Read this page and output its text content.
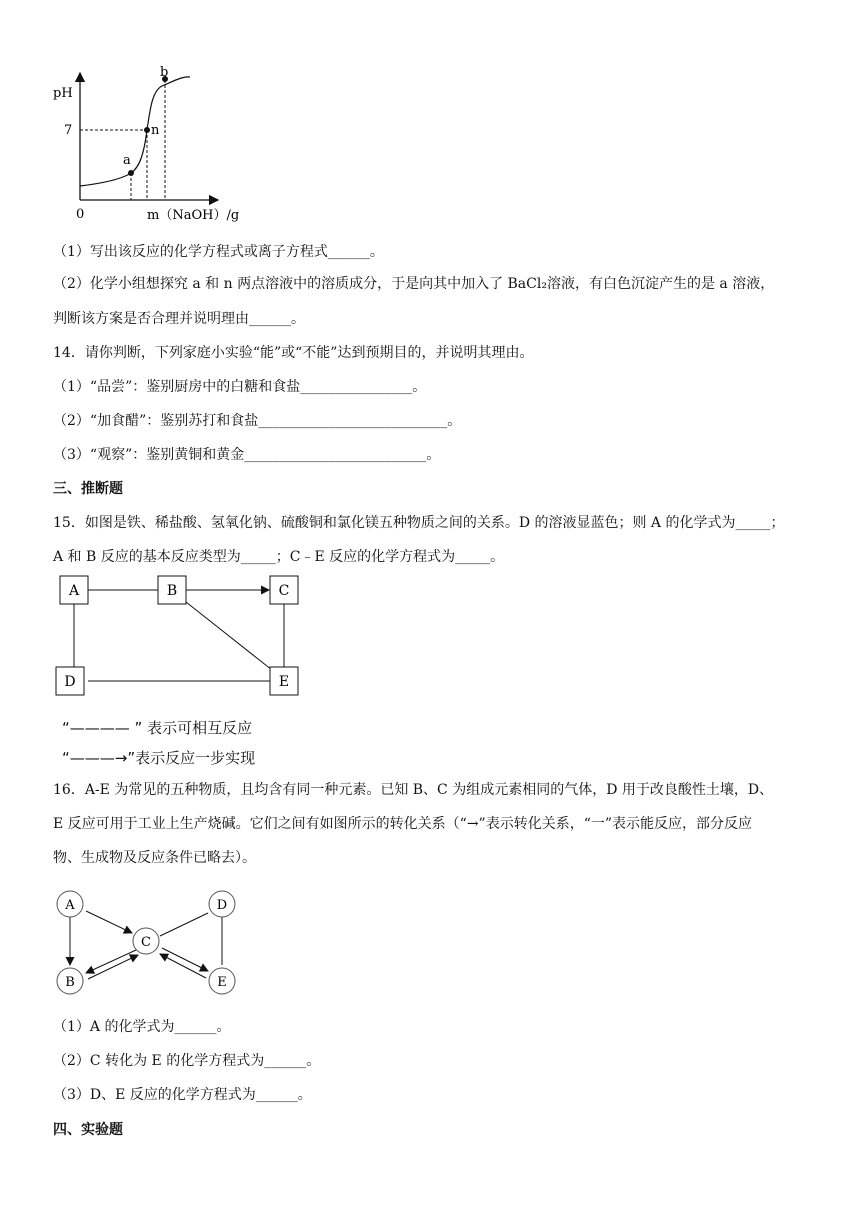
pH
7
0	m（NaOH）/g
a
n
b
（1）写出该反应的化学方程式或离子方程式______。
（2）化学小组想探究 a 和 n 两点溶液中的溶质成分，于是向其中加入了 BaCl₂溶液，有白色沉淀产生的是 a 溶液，
判断该方案是否合理并说明理由______。
14．请你判断，下列家庭小实验“能”或“不能”达到预期目的，并说明其理由。
（1）“品尝”：鉴别厨房中的白糖和食盐________________。
（2）“加食醋”：鉴别苏打和食盐___________________________。
（3）“观察”：鉴别黄铜和黄金__________________________。
三、推断题
15．如图是铁、稀盐酸、氢氧化钠、硫酸铜和氯化镁五种物质之间的关系。D 的溶液显蓝色；则 A 的化学式为_____；
A 和 B 反应的基本反应类型为_____；C﹣E 反应的化学方程式为_____。
A	B	C
D	E
“———— ” 表示可相互反应
“———→”表示反应一步实现
16．A-E 为常见的五种物质，且均含有同一种元素。已知 B、C 为组成元素相同的气体，D 用于改良酸性土壤，D、
E 反应可用于工业上生产烧碱。它们之间有如图所示的转化关系（“→”表示转化关系，“一”表示能反应，部分反应
物、生成物及反应条件已略去）。
A
B
C
D
E
（1）A 的化学式为______。
（2）C 转化为 E 的化学方程式为______。
（3）D、E 反应的化学方程式为______。
四、实验题
